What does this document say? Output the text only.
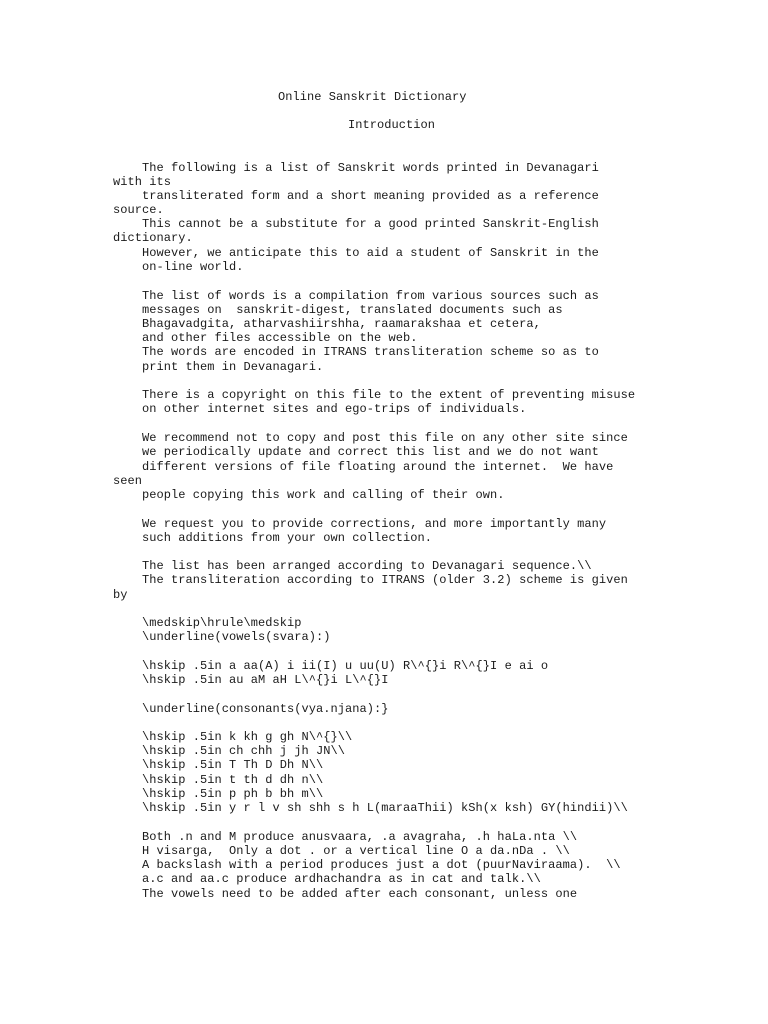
Online Sanskrit Dictionary
Introduction
The following is a list of Sanskrit words printed in Devanagari
with its
transliterated form and a short meaning provided as a reference
source.
This cannot be a substitute for a good printed Sanskrit-English
dictionary.
However, we anticipate this to aid a student of Sanskrit in the
on-line world.
The list of words is a compilation from various sources such as
messages on  sanskrit-digest, translated documents such as
Bhagavadgita, atharvashiirshha, raamarakshaa et cetera,
and other files accessible on the web.
The words are encoded in ITRANS transliteration scheme so as to
print them in Devanagari.
There is a copyright on this file to the extent of preventing misuse
on other internet sites and ego-trips of individuals.
We recommend not to copy and post this file on any other site since
we periodically update and correct this list and we do not want
different versions of file floating around the internet.  We have
seen
people copying this work and calling of their own.
We request you to provide corrections, and more importantly many
such additions from your own collection.
The list has been arranged according to Devanagari sequence.\\
The transliteration according to ITRANS (older 3.2) scheme is given
by
\medskip\hrule\medskip
\underline(vowels(svara):)
\hskip .5in a aa(A) i ii(I) u uu(U) R\^{}i R\^{}I e ai o
\hskip .5in au aM aH L\^{}i L\^{}I
\underline(consonants(vya.njana):}
\hskip .5in k kh g gh N\^{}\\
\hskip .5in ch chh j jh JN\\
\hskip .5in T Th D Dh N\\
\hskip .5in t th d dh n\\
\hskip .5in p ph b bh m\\
\hskip .5in y r l v sh shh s h L(maraaThii) kSh(x ksh) GY(hindii)\\
Both .n and M produce anusvaara, .a avagraha, .h haLa.nta \\
H visarga,  Only a dot . or a vertical line O a da.nDa . \\
A backslash with a period produces just a dot (puurNaviraama).  \\
a.c and aa.c produce ardhachandra as in cat and talk.\\
The vowels need to be added after each consonant, unless one
